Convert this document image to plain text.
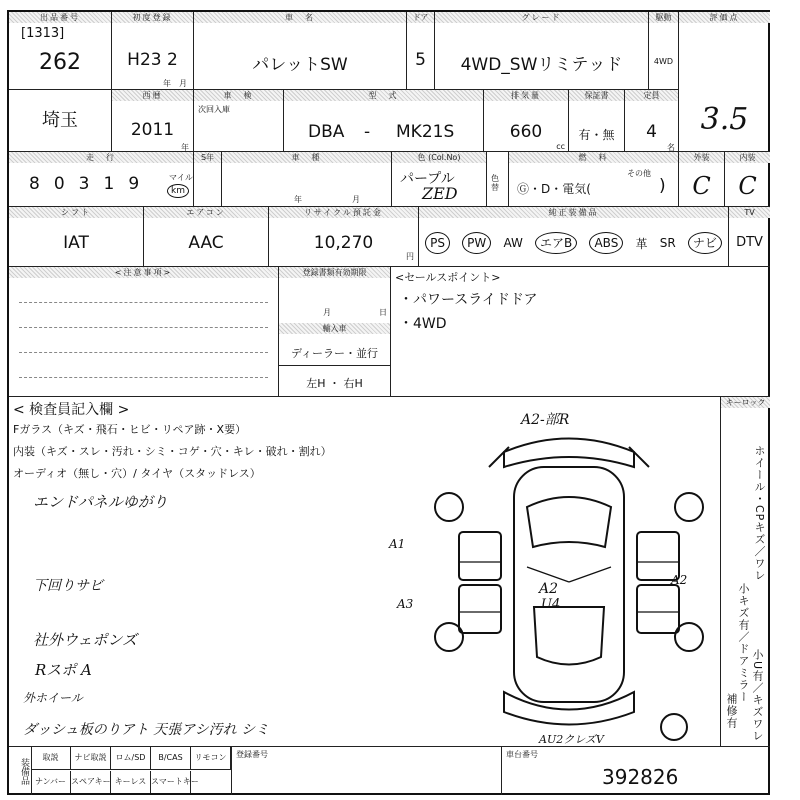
出品番号
[1313]
262
初度登録
H23 2
年　月
車　名
パレットSW
ドア
5
グレード
4WD_SWリミテッド
駆動
4WD
評価点
3.5
埼玉
西暦
2011
年
車　検
次回入庫
型　式
DBA - MK21S
排気量
660
cc
保証書
有・無
定員
4
名
走　行
80319 マイル
km
S年	車　種
年	月
色 (Col.No)
パープル
ZED
色替
燃　料
Ⓖ・D・電気(
その他
)
外装
C
内装
C
シフト
IAT
エアコン
AAC
リサイクル預託金
10,270
円
純正装備品
PS	PW	AW	エアB	ABS	革 SR	ナビ
TV
DTV
<注意事項>	登録書類有効期限
月	日
輸入車
ディーラー・並行
左H ・ 右H
<セールスポイント>
・パワースライドドア
・4WD
< 検査員記入欄 >
Fガラス（キズ・飛石・ヒビ・リペア跡・X要）
内装（キズ・スレ・汚れ・シミ・コゲ・穴・キレ・破れ・割れ）
オーディオ（無し・穴）/ タイヤ（スタッドレス）
エンドパネルゆがり
下回りサビ
社外ウェポンズ
Rスポ A
外ホイール
ダッシュ板のりアト 天張アシ汚れ シミ
A2-部R
A1
A3
A2
U4
A2
AU2クレズV
キーロック
ホイール・CPキズ／ワレ
小キズ有／ドアミラー 小U有／キズワレ
補修有
装備品	取説	ナビ取説	ロム/SD	B/CAS	リモコン
ナンバー スペアキー キーレス スマートキー
登録番号	車台番号
392826
